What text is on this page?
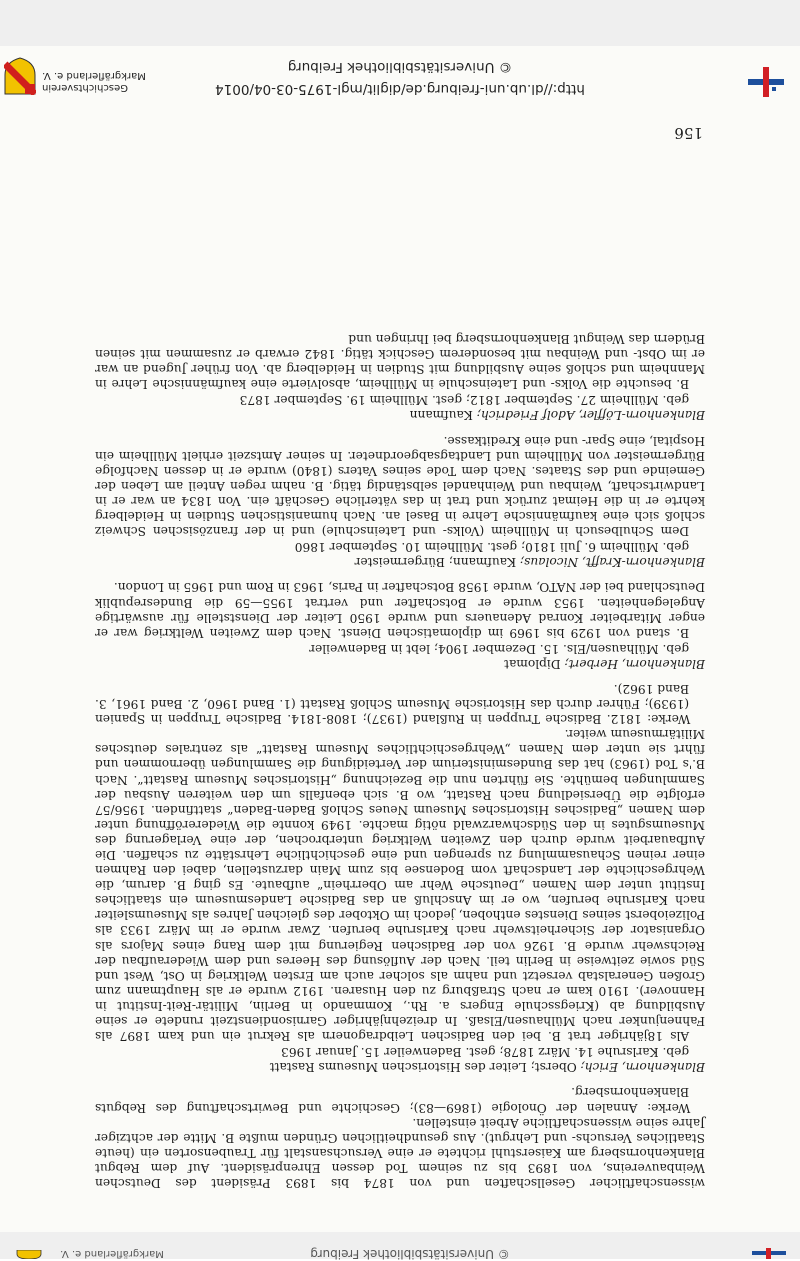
wissenschaftlicher Gesellschaften und von 1874 bis 1893 Präsident des Deutschen Weinbauvereins, von 1893 bis zu seinem Tod dessen Ehrenpräsident. Auf dem Rebgut Blankenhornsberg am Kaiserstuhl richtete er eine Versuchsanstalt für Traubensorten ein (heute Staatliches Versuchs- und Lehrgut). Aus gesundheitlichen Gründen mußte B. Mitte der achtziger Jahre seine wissenschaftliche Arbeit einstellen.

Werke: Annalen der Önologie (1869—83); Geschichte und Bewirtschaftung des Rebguts Blankenhornsberg.

Blankenhorn, Erich; Oberst; Leiter des Historischen Museums Rastatt

geb. Karlsruhe 14. März 1878; gest. Badenweiler 15. Januar 1963

Als 18jähriger trat B. bei den Badischen Leibdragonern als Rekrut ein und kam 1897 als Fahnenjunker nach Mülhausen/Elsaß. In dreizehnjähriger Garnisondienstzeit rundete er seine Ausbildung ab (Kriegsschule Engers a. Rh., Kommando in Berlin, Militär-Reit-Institut in Hannover). 1910 kam er nach Straßburg zu den Husaren. 1912 wurde er als Hauptmann zum Großen Generalstab versetzt und nahm als solcher auch am Ersten Weltkrieg in Ost, West und Süd sowie zeitweise in Berlin teil. Nach der Auflösung des Heeres und dem Wiederaufbau der Reichswehr wurde B. 1926 von der Badischen Regierung mit dem Rang eines Majors als Organisator der Sicherheitswehr nach Karlsruhe berufen. Zwar wurde er im März 1933 als Polizeioberst seines Dienstes enthoben, jedoch im Oktober des gleichen Jahres als Museumsleiter nach Karlsruhe berufen, wo er im Anschluß an das Badische Landesmuseum ein staatliches Institut unter dem Namen „Deutsche Wehr am Oberrhein“ aufbaute. Es ging B. darum, die Wehrgeschichte der Landschaft vom Bodensee bis zum Main darzustellen, dabei den Rahmen einer reinen Schausammlung zu sprengen und eine geschichtliche Lehrstätte zu schaffen. Die Aufbauarbeit wurde durch den Zweiten Weltkrieg unterbrochen, der eine Verlagerung des Museumsgutes in den Südschwarzwald nötig machte. 1949 konnte die Wiedereröffnung unter dem Namen „Badisches Historisches Museum Neues Schloß Baden-Baden“ stattfinden. 1956/57 erfolgte die Übersiedlung nach Rastatt, wo B. sich ebenfalls um den weiteren Ausbau der Sammlungen bemühte. Sie führten nun die Bezeichnung „Historisches Museum Rastatt“. Nach B.'s Tod (1963) hat das Bundesministerium der Verteidigung die Sammlungen übernommen und führt sie unter dem Namen „Wehrgeschichtliches Museum Rastatt“ als zentrales deutsches Militärmuseum weiter.

Werke: 1812. Badische Truppen in Rußland (1937); 1808-1814. Badische Truppen in Spanien (1939); Führer durch das Historische Museum Schloß Rastatt (1. Band 1960, 2. Band 1961, 3. Band 1962).

Blankenhorn, Herbert; Diplomat

geb. Mülhausen/Els. 15. Dezember 1904; lebt in Badenweiler

B. stand von 1929 bis 1969 im diplomatischen Dienst. Nach dem Zweiten Weltkrieg war er enger Mitarbeiter Konrad Adenauers und wurde 1950 Leiter der Dienststelle für auswärtige Angelegenheiten. 1953 wurde er Botschafter und vertrat 1955—59 die Bundesrepublik Deutschland bei der NATO, wurde 1958 Botschafter in Paris, 1963 in Rom und 1965 in London.

Blankenhorn-Krafft, Nicolaus; Kaufmann; Bürgermeister

geb. Müllheim 6. Juli 1810; gest. Müllheim 10. September 1860

Dem Schulbesuch in Müllheim (Volks- und Lateinschule) und in der französischen Schweiz schloß sich eine kaufmännische Lehre in Basel an. Nach humanistischen Studien in Heidelberg kehrte er in die Heimat zurück und trat in das väterliche Geschäft ein. Von 1834 an war er in Landwirtschaft, Weinbau und Weinhandel selbständig tätig. B. nahm regen Anteil am Leben der Gemeinde und des Staates. Nach dem Tode seines Vaters (1840) wurde er in dessen Nachfolge Bürgermeister von Müllheim und Landtagsabgeordneter. In seiner Amtszeit erhielt Müllheim ein Hospital, eine Spar- und eine Kreditkasse.

Blankenhorn-Löffler, Adolf Friedrich; Kaufmann

geb. Müllheim 27. September 1812; gest. Müllheim 19. September 1873

B. besuchte die Volks- und Lateinschule in Müllheim, absolvierte eine kaufmännische Lehre in Mannheim und schloß seine Ausbildung mit Studien in Heidelberg ab. Von früher Jugend an war er im Obst- und Weinbau mit besonderem Geschick tätig. 1842 erwarb er zusammen mit seinen Brüdern das Weingut Blankenhornsberg bei Ihringen und

156
http://dl.ub.uni-freiburg.de/diglit/mgl-1975-03-04/0014
© Universitätsbibliothek Freiburg
Geschichtsverein
Markgräflerland e. V.
© Universitätsbibliothek Freiburg
Markgräflerland e. V.
